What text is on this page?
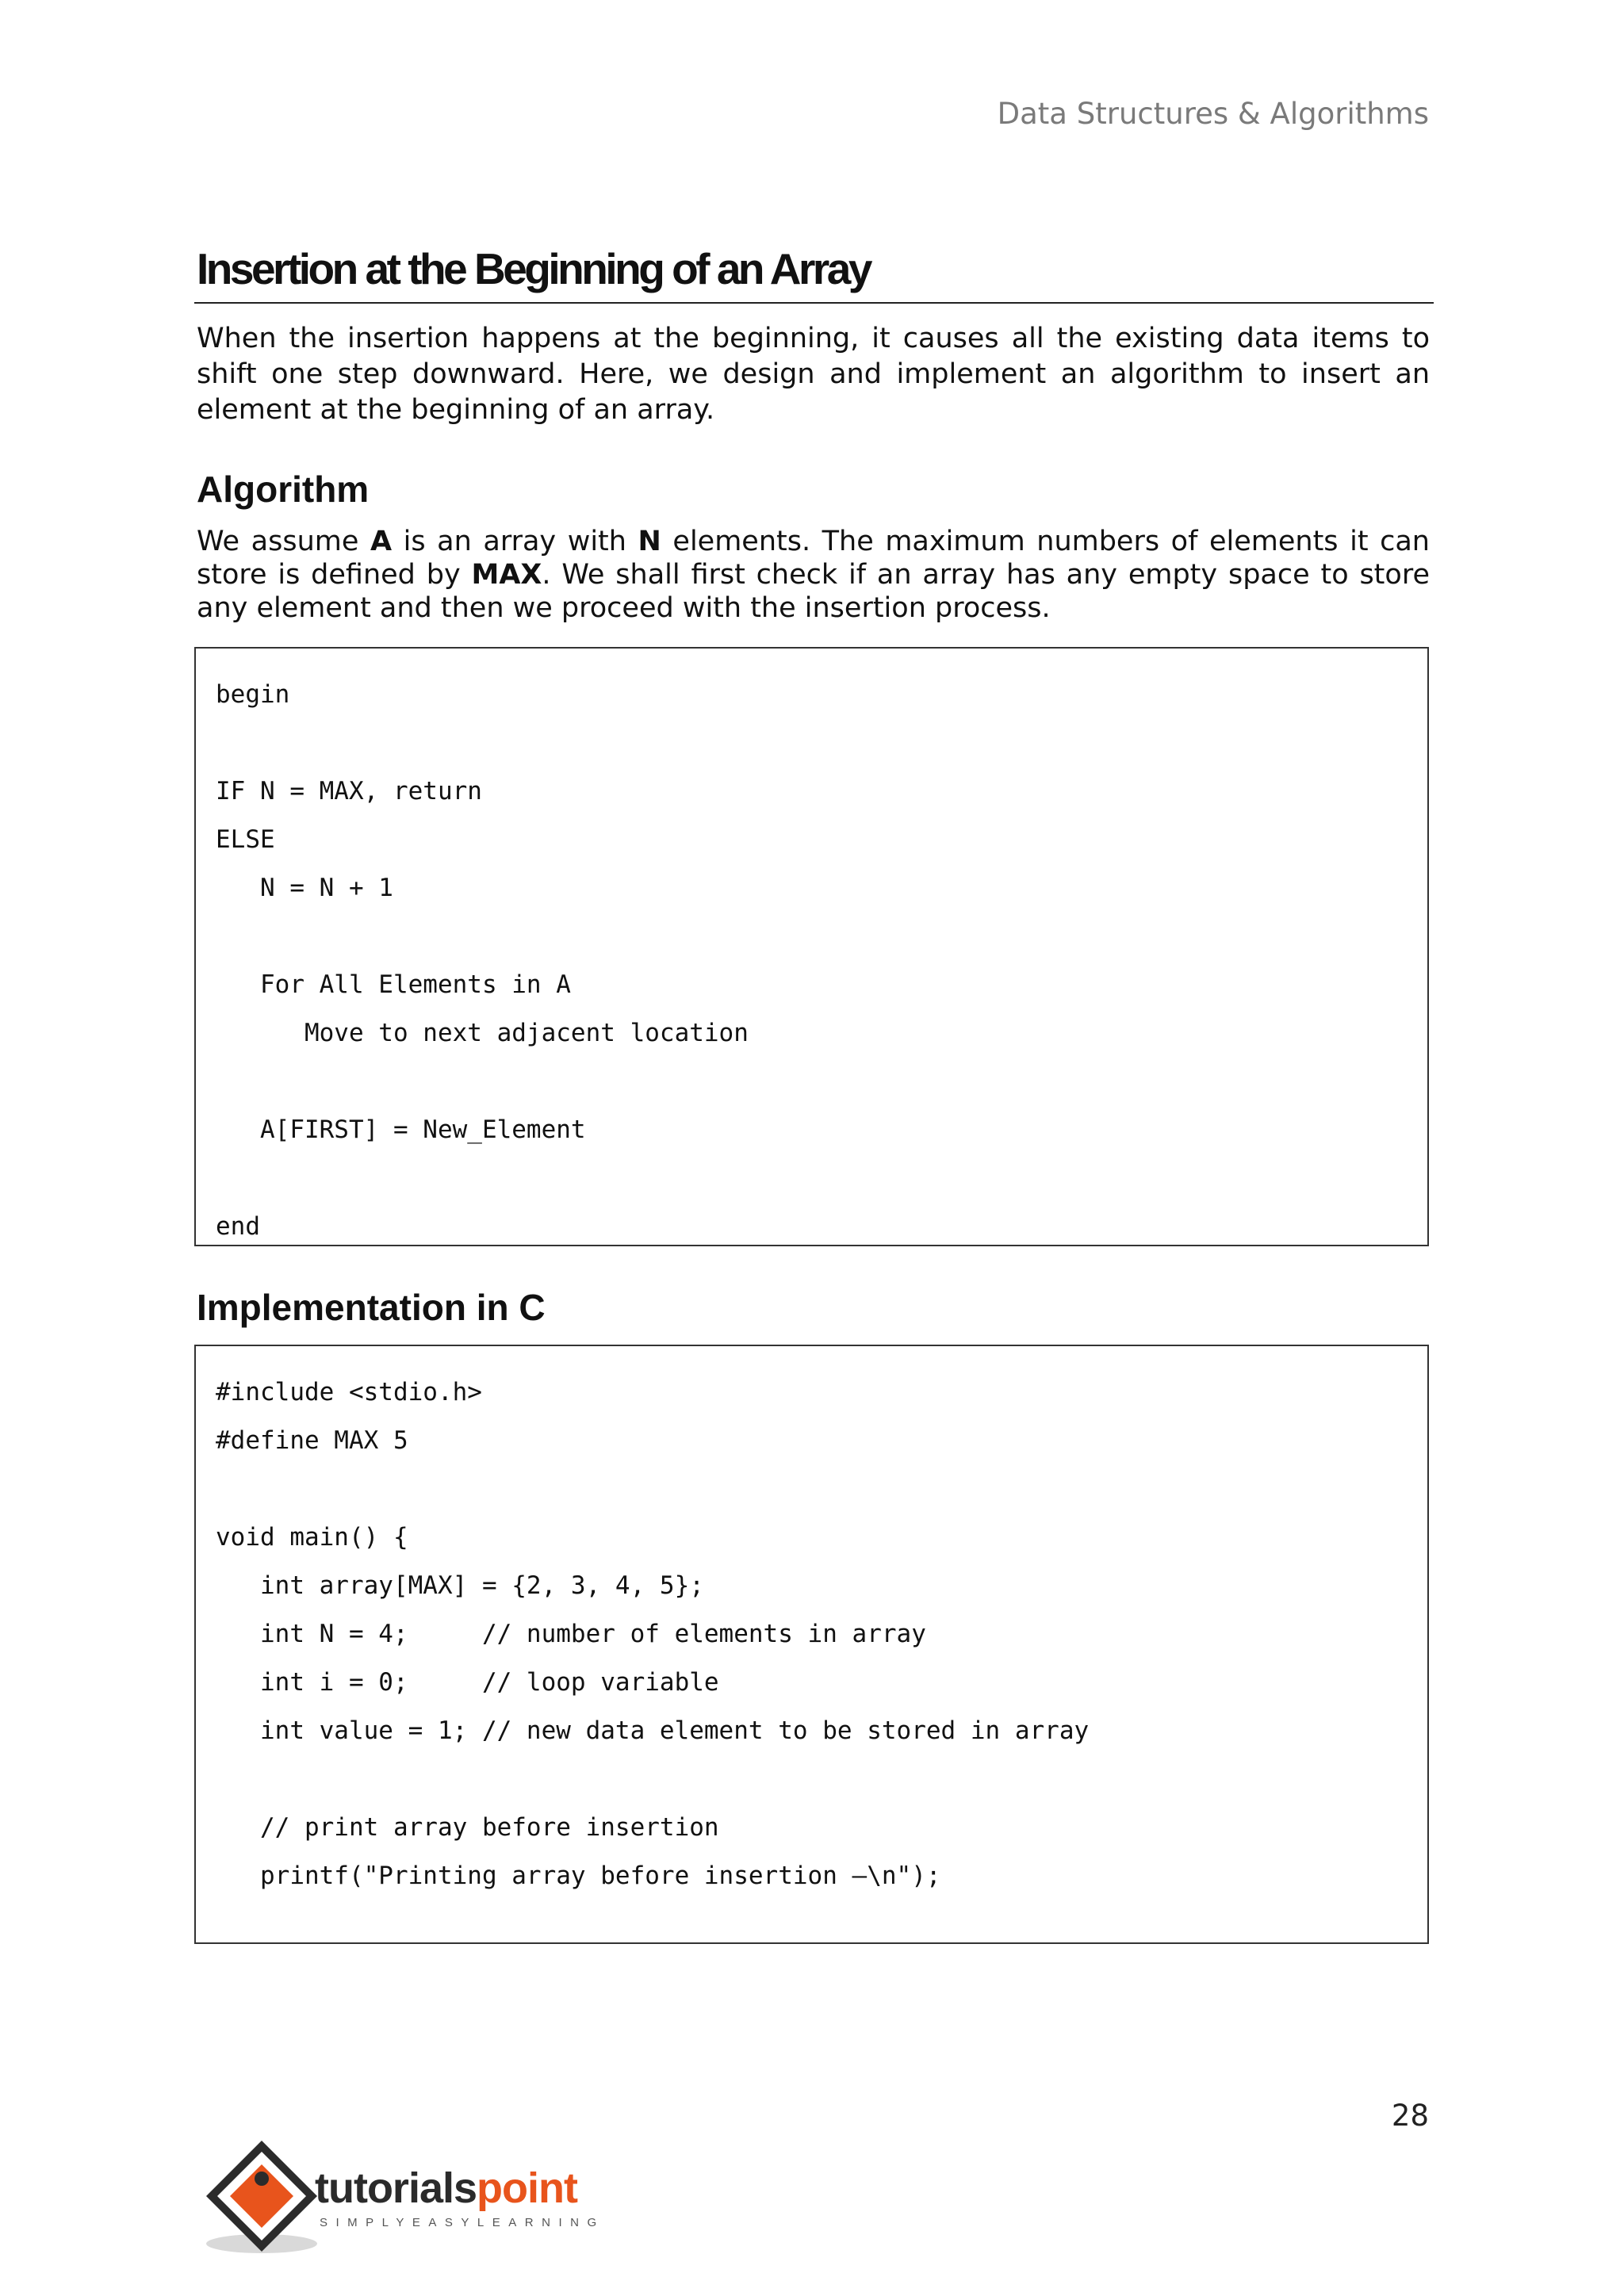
Data Structures & Algorithms
Insertion at the Beginning of an Array
When the insertion happens at the beginning, it causes all the existing data items to shift one step downward. Here, we design and implement an algorithm to insert an element at the beginning of an array.
Algorithm
We assume A is an array with N elements. The maximum numbers of elements it can store is defined by MAX. We shall first check if an array has any empty space to store any element and then we proceed with the insertion process.
begin
IF N = MAX, return
ELSE
N = N + 1
For All Elements in A
Move to next adjacent location
A[FIRST] = New_Element
end
Implementation in C
#include <stdio.h>
#define MAX 5
void main() {
int array[MAX] = {2, 3, 4, 5};
int N = 4;     // number of elements in array
int i = 0;     // loop variable
int value = 1; // new data element to be stored in array
// print array before insertion
printf("Printing array before insertion –\n");
28
tutorialspoint
SIMPLYEASYLEARNING
